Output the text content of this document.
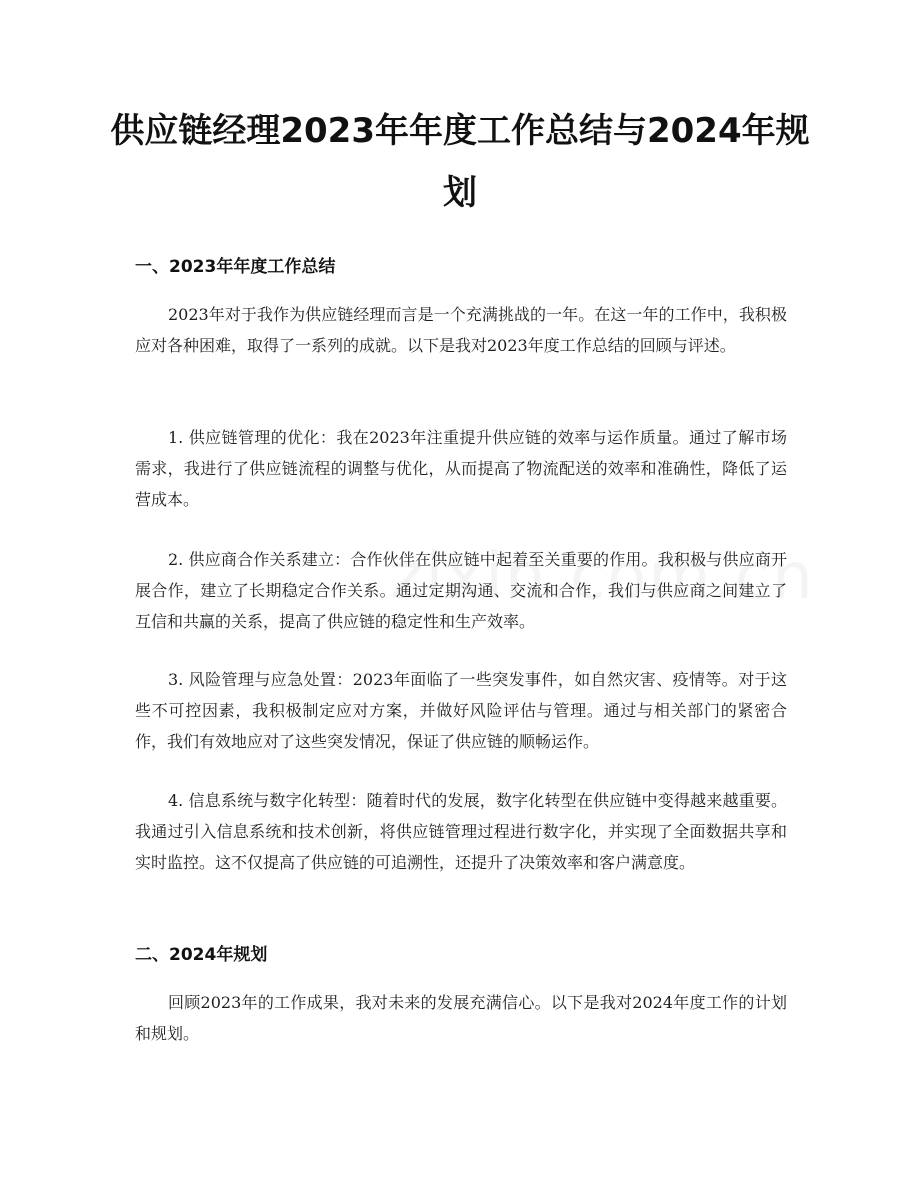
供应链经理2023年年度工作总结与2024年规划
一、2023年年度工作总结

2023年对于我作为供应链经理而言是一个充满挑战的一年。在这一年的工作中，我积极应对各种困难，取得了一系列的成就。以下是我对2023年度工作总结的回顾与评述。

1. 供应链管理的优化：我在2023年注重提升供应链的效率与运作质量。通过了解市场需求，我进行了供应链流程的调整与优化，从而提高了物流配送的效率和准确性，降低了运营成本。

2. 供应商合作关系建立：合作伙伴在供应链中起着至关重要的作用。我积极与供应商开展合作，建立了长期稳定合作关系。通过定期沟通、交流和合作，我们与供应商之间建立了互信和共赢的关系，提高了供应链的稳定性和生产效率。

3. 风险管理与应急处置：2023年面临了一些突发事件，如自然灾害、疫情等。对于这些不可控因素，我积极制定应对方案，并做好风险评估与管理。通过与相关部门的紧密合作，我们有效地应对了这些突发情况，保证了供应链的顺畅运作。

4. 信息系统与数字化转型：随着时代的发展，数字化转型在供应链中变得越来越重要。我通过引入信息系统和技术创新，将供应链管理过程进行数字化，并实现了全面数据共享和实时监控。这不仅提高了供应链的可追溯性，还提升了决策效率和客户满意度。

二、2024年规划

回顾2023年的工作成果，我对未来的发展充满信心。以下是我对2024年度工作的计划和规划。
